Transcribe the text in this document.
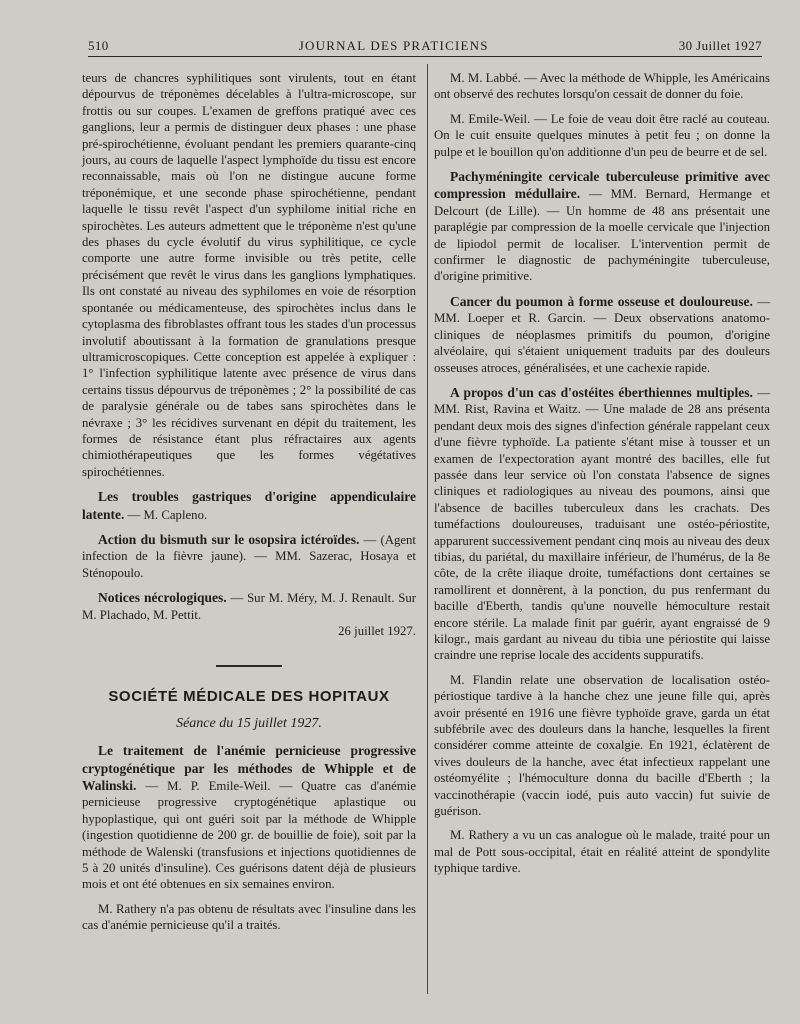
510	JOURNAL DES PRATICIENS	30 Juillet 1927

teurs de chancres syphilitiques sont virulents, tout en étant dépourvus de tréponèmes décelables à l'ultra-microscope, sur frottis ou sur coupes. L'examen de greffons pratiqué avec ces ganglions, leur a permis de distinguer deux phases : une phase pré-spirochétienne, évoluant pendant les premiers quarante-cinq jours, au cours de laquelle l'aspect lymphoïde du tissu est encore reconnaissable, mais où l'on ne distingue aucune forme tréponémique, et une seconde phase spirochétienne, pendant laquelle le tissu revêt l'aspect d'un syphilome initial riche en spirochètes. Les auteurs admettent que le tréponème n'est qu'une des phases du cycle évolutif du virus syphilitique, ce cycle comporte une autre forme invisible ou très petite, celle précisément que revêt le virus dans les ganglions lymphatiques. Ils ont constaté au niveau des syphilomes en voie de résorption spontanée ou médicamenteuse, des spirochètes inclus dans le cytoplasma des fibroblastes offrant tous les stades d'un processus involutif aboutissant à la formation de granulations presque ultramicroscopiques. Cette conception est appelée à expliquer : 1° l'infection syphilitique latente avec présence de virus dans certains tissus dépourvus de tréponèmes ; 2° la possibilité de cas de paralysie générale ou de tabes sans spirochètes dans le névraxe ; 3° les récidives survenant en dépit du traitement, les formes de résistance étant plus réfractaires aux agents chimiothérapeutiques que les formes végétatives spirochétiennes.

Les troubles gastriques d'origine appendiculaire latente. — M. Capleno.

Action du bismuth sur le osopsira ictéroïdes. — (Agent infection de la fièvre jaune). — MM. Sazerac, Hosaya et Sténopoulo.

Notices nécrologiques. — Sur M. Méry, M. J. Renault. Sur M. Plachado, M. Pettit.

26 juillet 1927.

SOCIÉTÉ MÉDICALE DES HOPITAUX
Séance du 15 juillet 1927.

Le traitement de l'anémie pernicieuse progressive cryptogénétique par les méthodes de Whipple et de Walinski. — M. P. Emile-Weil. — Quatre cas d'anémie pernicieuse progressive cryptogénétique aplastique ou hypoplastique, qui ont guéri soit par la méthode de Whipple (ingestion quotidienne de 200 gr. de bouillie de foie), soit par la méthode de Walenski (transfusions et injections quotidiennes de 5 à 20 unités d'insuline). Ces guérisons datent déjà de plusieurs mois et ont été obtenues en six semaines environ.

M. Rathery n'a pas obtenu de résultats avec l'insuline dans les cas d'anémie pernicieuse qu'il a traités.

M. M. Labbé. — Avec la méthode de Whipple, les Américains ont observé des rechutes lorsqu'on cessait de donner du foie.

M. Emile-Weil. — Le foie de veau doit être raclé au couteau. On le cuit ensuite quelques minutes à petit feu ; on donne la pulpe et le bouillon qu'on additionne d'un peu de beurre et de sel.

Pachyméningite cervicale tuberculeuse primitive avec compression médullaire. — MM. Bernard, Hermange et Delcourt (de Lille). — Un homme de 48 ans présentait une paraplégie par compression de la moelle cervicale que l'injection de lipiodol permit de localiser. L'intervention permit de confirmer le diagnostic de pachyméningite tuberculeuse, d'origine primitive.

Cancer du poumon à forme osseuse et douloureuse. — MM. Loeper et R. Garcin. — Deux observations anatomo-cliniques de néoplasmes primitifs du poumon, d'origine alvéolaire, qui s'étaient uniquement traduits par des douleurs osseuses atroces, généralisées, et une cachexie rapide.

A propos d'un cas d'ostéites éberthiennes multiples. — MM. Rist, Ravina et Waitz. — Une malade de 28 ans présenta pendant deux mois des signes d'infection générale rappelant ceux d'une fièvre typhoïde. La patiente s'étant mise à tousser et un examen de l'expectoration ayant montré des bacilles, elle fut passée dans leur service où l'on constata l'absence de signes cliniques et radiologiques au niveau des poumons, ainsi que l'absence de bacilles tuberculeux dans les crachats. Des tuméfactions douloureuses, traduisant une ostéo-périostite, apparurent successivement pendant cinq mois au niveau des deux tibias, du pariétal, du maxillaire inférieur, de l'humérus, de la 8e côte, de la crête iliaque droite, tuméfactions dont certaines se ramollirent et donnèrent, à la ponction, du pus renfermant du bacille d'Eberth, tandis qu'une nouvelle hémoculture restait encore stérile. La malade finit par guérir, ayant engraissé de 9 kilogr., mais gardant au niveau du tibia une périostite qui laisse craindre une reprise locale des accidents suppuratifs.

M. Flandin relate une observation de localisation ostéo-périostique tardive à la hanche chez une jeune fille qui, après avoir présenté en 1916 une fièvre typhoïde grave, garda un état subfébrile avec des douleurs dans la hanche, lesquelles la firent considérer comme atteinte de coxalgie. En 1921, éclatèrent de vives douleurs de la hanche, avec état infectieux rappelant une ostéomyélite ; l'hémoculture donna du bacille d'Eberth ; la vaccinothérapie (vaccin iodé, puis auto vaccin) fut suivie de guérison.

M. Rathery a vu un cas analogue où le malade, traité pour un mal de Pott sous-occipital, était en réalité atteint de spondylite typhique tardive.
